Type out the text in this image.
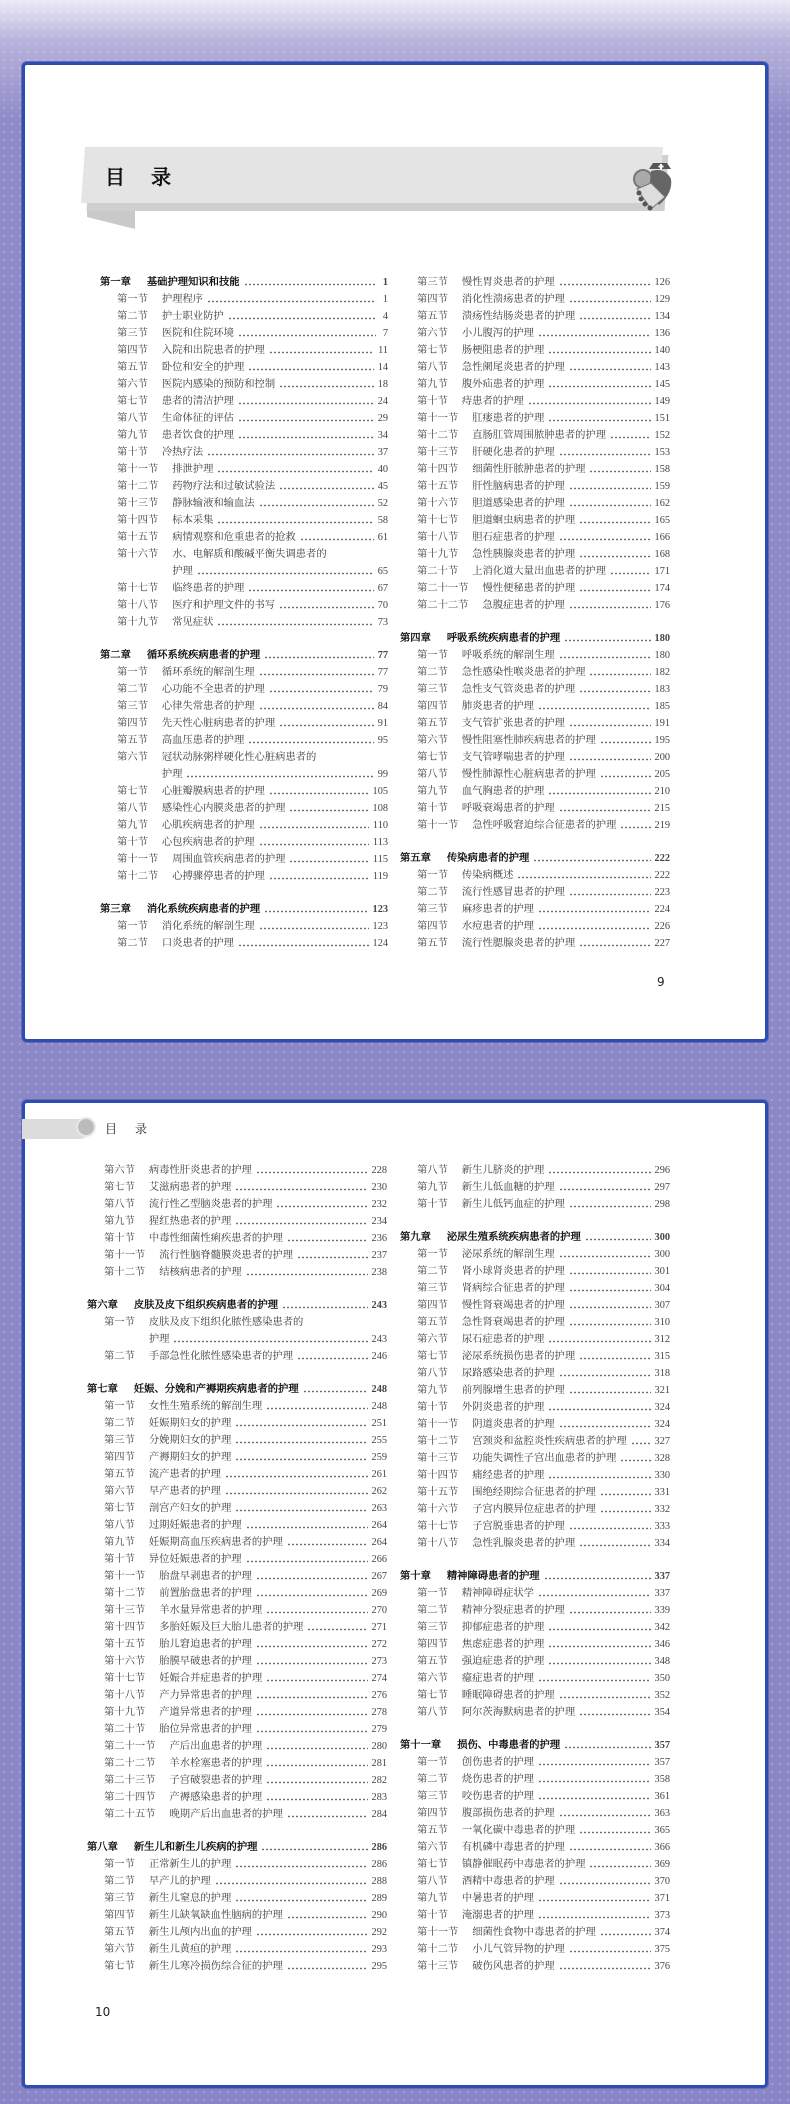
目录
第一章 基础护理知识和技能	1
第一节 护理程序	1
第二节 护士职业防护	4
第三节 医院和住院环境	7
第四节 入院和出院患者的护理	11
第五节 卧位和安全的护理	14
第六节 医院内感染的预防和控制	18
第七节 患者的清洁护理	24
第八节 生命体征的评估	29
第九节 患者饮食的护理	34
第十节 冷热疗法	37
第十一节 排泄护理	40
第十二节 药物疗法和过敏试验法	45
第十三节 静脉输液和输血法	52
第十四节 标本采集	58
第十五节 病情观察和危重患者的抢救	61
第十六节 水、电解质和酸碱平衡失调患者的
护理	65
第十七节 临终患者的护理	67
第十八节 医疗和护理文件的书写	70
第十九节 常见症状	73
第二章 循环系统疾病患者的护理	77
第一节 循环系统的解剖生理	77
第二节 心功能不全患者的护理	79
第三节 心律失常患者的护理	84
第四节 先天性心脏病患者的护理	91
第五节 高血压患者的护理	95
第六节 冠状动脉粥样硬化性心脏病患者的
护理	99
第七节 心脏瓣膜病患者的护理	105
第八节 感染性心内膜炎患者的护理	108
第九节 心肌疾病患者的护理	110
第十节 心包疾病患者的护理	113
第十一节 周围血管疾病患者的护理	115
第十二节 心搏骤停患者的护理	119
第三章 消化系统疾病患者的护理	123
第一节 消化系统的解剖生理	123
第二节 口炎患者的护理	124
第三节 慢性胃炎患者的护理	126
第四节 消化性溃疡患者的护理	129
第五节 溃疡性结肠炎患者的护理	134
第六节 小儿腹泻的护理	136
第七节 肠梗阻患者的护理	140
第八节 急性阑尾炎患者的护理	143
第九节 腹外疝患者的护理	145
第十节 痔患者的护理	149
第十一节 肛瘘患者的护理	151
第十二节 直肠肛管周围脓肿患者的护理	152
第十三节 肝硬化患者的护理	153
第十四节 细菌性肝脓肿患者的护理	158
第十五节 肝性脑病患者的护理	159
第十六节 胆道感染患者的护理	162
第十七节 胆道蛔虫病患者的护理	165
第十八节 胆石症患者的护理	166
第十九节 急性胰腺炎患者的护理	168
第二十节 上消化道大量出血患者的护理	171
第二十一节 慢性便秘患者的护理	174
第二十二节 急腹症患者的护理	176
第四章 呼吸系统疾病患者的护理	180
第一节 呼吸系统的解剖生理	180
第二节 急性感染性喉炎患者的护理	182
第三节 急性支气管炎患者的护理	183
第四节 肺炎患者的护理	185
第五节 支气管扩张患者的护理	191
第六节 慢性阻塞性肺疾病患者的护理	195
第七节 支气管哮喘患者的护理	200
第八节 慢性肺源性心脏病患者的护理	205
第九节 血气胸患者的护理	210
第十节 呼吸衰竭患者的护理	215
第十一节 急性呼吸窘迫综合征患者的护理	219
第五章 传染病患者的护理	222
第一节 传染病概述	222
第二节 流行性感冒患者的护理	223
第三节 麻疹患者的护理	224
第四节 水痘患者的护理	226
第五节 流行性腮腺炎患者的护理	227
9
目录
第六节 病毒性肝炎患者的护理	228
第七节 艾滋病患者的护理	230
第八节 流行性乙型脑炎患者的护理	232
第九节 猩红热患者的护理	234
第十节 中毒性细菌性痢疾患者的护理	236
第十一节 流行性脑脊髓膜炎患者的护理	237
第十二节 结核病患者的护理	238
第六章 皮肤及皮下组织疾病患者的护理	243
第一节 皮肤及皮下组织化脓性感染患者的
护理	243
第二节 手部急性化脓性感染患者的护理	246
第七章 妊娠、分娩和产褥期疾病患者的护理	248
第一节 女性生殖系统的解剖生理	248
第二节 妊娠期妇女的护理	251
第三节 分娩期妇女的护理	255
第四节 产褥期妇女的护理	259
第五节 流产患者的护理	261
第六节 早产患者的护理	262
第七节 剖宫产妇女的护理	263
第八节 过期妊娠患者的护理	264
第九节 妊娠期高血压疾病患者的护理	264
第十节 异位妊娠患者的护理	266
第十一节 胎盘早剥患者的护理	267
第十二节 前置胎盘患者的护理	269
第十三节 羊水量异常患者的护理	270
第十四节 多胎妊娠及巨大胎儿患者的护理	271
第十五节 胎儿窘迫患者的护理	272
第十六节 胎膜早破患者的护理	273
第十七节 妊娠合并症患者的护理	274
第十八节 产力异常患者的护理	276
第十九节 产道异常患者的护理	278
第二十节 胎位异常患者的护理	279
第二十一节 产后出血患者的护理	280
第二十二节 羊水栓塞患者的护理	281
第二十三节 子宫破裂患者的护理	282
第二十四节 产褥感染患者的护理	283
第二十五节 晚期产后出血患者的护理	284
第八章 新生儿和新生儿疾病的护理	286
第一节 正常新生儿的护理	286
第二节 早产儿的护理	288
第三节 新生儿窒息的护理	289
第四节 新生儿缺氧缺血性脑病的护理	290
第五节 新生儿颅内出血的护理	292
第六节 新生儿黄疸的护理	293
第七节 新生儿寒冷损伤综合征的护理	295
第八节 新生儿脐炎的护理	296
第九节 新生儿低血糖的护理	297
第十节 新生儿低钙血症的护理	298
第九章 泌尿生殖系统疾病患者的护理	300
第一节 泌尿系统的解剖生理	300
第二节 肾小球肾炎患者的护理	301
第三节 肾病综合征患者的护理	304
第四节 慢性肾衰竭患者的护理	307
第五节 急性肾衰竭患者的护理	310
第六节 尿石症患者的护理	312
第七节 泌尿系统损伤患者的护理	315
第八节 尿路感染患者的护理	318
第九节 前列腺增生患者的护理	321
第十节 外阴炎患者的护理	324
第十一节 阴道炎患者的护理	324
第十二节 宫颈炎和盆腔炎性疾病患者的护理	327
第十三节 功能失调性子宫出血患者的护理	328
第十四节 痛经患者的护理	330
第十五节 围绝经期综合征患者的护理	331
第十六节 子宫内膜异位症患者的护理	332
第十七节 子宫脱垂患者的护理	333
第十八节 急性乳腺炎患者的护理	334
第十章 精神障碍患者的护理	337
第一节 精神障碍症状学	337
第二节 精神分裂症患者的护理	339
第三节 抑郁症患者的护理	342
第四节 焦虑症患者的护理	346
第五节 强迫症患者的护理	348
第六节 癔症患者的护理	350
第七节 睡眠障碍患者的护理	352
第八节 阿尔茨海默病患者的护理	354
第十一章 损伤、中毒患者的护理	357
第一节 创伤患者的护理	357
第二节 烧伤患者的护理	358
第三节 咬伤患者的护理	361
第四节 腹部损伤患者的护理	363
第五节 一氧化碳中毒患者的护理	365
第六节 有机磷中毒患者的护理	366
第七节 镇静催眠药中毒患者的护理	369
第八节 酒精中毒患者的护理	370
第九节 中暑患者的护理	371
第十节 淹溺患者的护理	373
第十一节 细菌性食物中毒患者的护理	374
第十二节 小儿气管异物的护理	375
第十三节 破伤风患者的护理	376
10
